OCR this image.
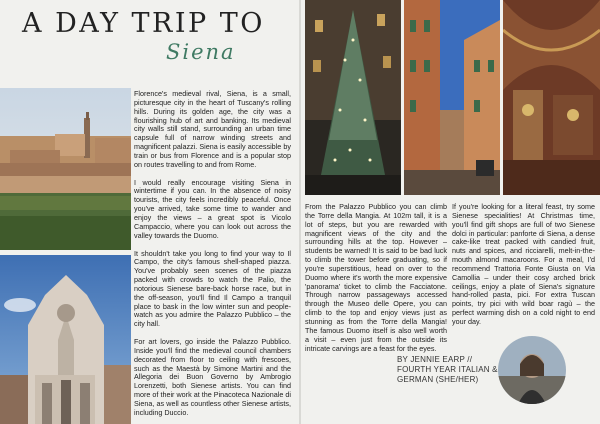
A DAY TRIP TO
Siena

Florence's medieval rival, Siena, is a small, picturesque city in the heart of Tuscany's rolling hills. During its golden age, the city was a flourishing hub of art and banking. Its medieval city walls still stand, surrounding an urban time capsule full of narrow winding streets and magnificent palazzi. Siena is easily accessible by train or bus from Florence and is a popular stop on routes travelling to and from Rome.

I would really encourage visiting Siena in wintertime if you can. In the absence of noisy tourists, the city feels incredibly peaceful. Once you've arrived, take some time to wander and enjoy the views – a great spot is Vicolo Campaccio, where you can look out across the valley towards the Duomo.

It shouldn't take you long to find your way to Il Campo, the city's famous shell-shaped piazza. You've probably seen scenes of the piazza packed with crowds to watch the Palio, the notorious Sienese bare-back horse race, but in the off-season, you'll find Il Campo a tranquil place to bask in the low winter sun and people-watch as you admire the Palazzo Pubblico – the city hall.

For art lovers, go inside the Palazzo Pubblico. Inside you'll find the medieval council chambers decorated from floor to ceiling with frescoes, such as the Maestà by Simone Martini and the Allegoria dei Buon Governo by Ambrogio Lorenzetti, both Sienese artists. You can find more of their work at the Pinacoteca Nazionale di Siena, as well as countless other Sienese artists, including Duccio.

From the Palazzo Pubblico you can climb the Torre della Mangia. At 102m tall, it is a lot of steps, but you are rewarded with magnificent views of the city and the surrounding hills at the top. However – students be warned! It is said to be bad luck to climb the tower before graduating, so if you're superstitious, head on over to the Duomo where it's worth the more expensive 'panorama' ticket to climb the Facciatone. Through narrow passageways accessed through the Museo delle Opere, you can climb to the top and enjoy views just as stunning as from the Torre della Mangia! The famous Duomo itself is also well worth a visit – even just from the outside its intricate carvings are a feast for the eyes.

If you're looking for a literal feast, try some Sienese specialities! At Christmas time, you'll find gift shops are full of two Sienese dolci in particular: panforte di Siena, a dense cake-like treat packed with candied fruit, nuts and spices, and ricciarelli, melt-in-the-mouth almond macaroons. For a meal, I'd recommend Trattoria Fonte Giusta on Via Camollia – under their cosy arched brick ceilings, enjoy a plate of Siena's signature hand-rolled pasta, pici. For extra Tuscan points, try pici with wild boar ragù – the perfect warming dish on a cold night to end your day.

BY JENNIE EARP // FOURTH YEAR ITALIAN & GERMAN (SHE/HER)
